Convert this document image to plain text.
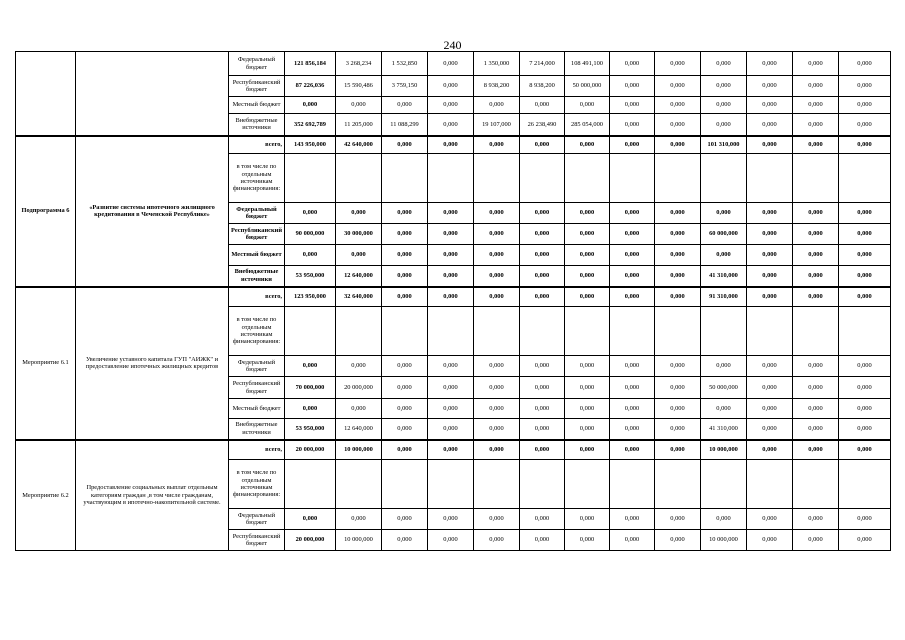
240
		Федеральный бюджет	121 856,184	3 268,234	1 532,850	0,000	1 350,000	7 214,000	108 491,100	0,000	0,000	0,000	0,000	0,000	0,000
		Республиканский бюджет	87 226,036	15 590,486	3 759,150	0,000	8 938,200	8 938,200	50 000,000	0,000	0,000	0,000	0,000	0,000	0,000
		Местный бюджет	0,000	0,000	0,000	0,000	0,000	0,000	0,000	0,000	0,000	0,000	0,000	0,000	0,000
		Внебюджетные источники	352 692,789	11 205,000	11 088,299	0,000	19 107,000	26 238,490	285 054,000	0,000	0,000	0,000	0,000	0,000	0,000
Подпрограмма 6	«Развитие системы ипотечного жилищного кредитования в Чеченской Республике»	всего,	143 950,000	42 640,000	0,000	0,000	0,000	0,000	0,000	0,000	0,000	101 310,000	0,000	0,000	0,000
		в том числе по отдельным источникам финансирования:													
		Федеральный бюджет	0,000	0,000	0,000	0,000	0,000	0,000	0,000	0,000	0,000	0,000	0,000	0,000	0,000
		Республиканский бюджет	90 000,000	30 000,000	0,000	0,000	0,000	0,000	0,000	0,000	0,000	60 000,000	0,000	0,000	0,000
		Местный бюджет	0,000	0,000	0,000	0,000	0,000	0,000	0,000	0,000	0,000	0,000	0,000	0,000	0,000
		Внебюджетные источники	53 950,000	12 640,000	0,000	0,000	0,000	0,000	0,000	0,000	0,000	41 310,000	0,000	0,000	0,000
Мероприятие 6.1	Увеличение уставного капитала ГУП "АИЖК" и предоставление ипотечных жилищных кредитов	всего,	123 950,000	32 640,000	0,000	0,000	0,000	0,000	0,000	0,000	0,000	91 310,000	0,000	0,000	0,000
		в том числе по отдельным источникам финансирования:													
		Федеральный бюджет	0,000	0,000	0,000	0,000	0,000	0,000	0,000	0,000	0,000	0,000	0,000	0,000	0,000
		Республиканский бюджет	70 000,000	20 000,000	0,000	0,000	0,000	0,000	0,000	0,000	0,000	50 000,000	0,000	0,000	0,000
		Местный бюджет	0,000	0,000	0,000	0,000	0,000	0,000	0,000	0,000	0,000	0,000	0,000	0,000	0,000
		Внебюджетные источники	53 950,000	12 640,000	0,000	0,000	0,000	0,000	0,000	0,000	0,000	41 310,000	0,000	0,000	0,000
Мероприятие 6.2	Предоставление социальных выплат отдельным категориям граждан ,в том числе гражданам, участвующим в ипотечно-накопительной системе.	всего,	20 000,000	10 000,000	0,000	0,000	0,000	0,000	0,000	0,000	0,000	10 000,000	0,000	0,000	0,000
		в том числе по отдельным источникам финансирования:													
		Федеральный бюджет	0,000	0,000	0,000	0,000	0,000	0,000	0,000	0,000	0,000	0,000	0,000	0,000	0,000
		Республиканский бюджет	20 000,000	10 000,000	0,000	0,000	0,000	0,000	0,000	0,000	0,000	10 000,000	0,000	0,000	0,000
